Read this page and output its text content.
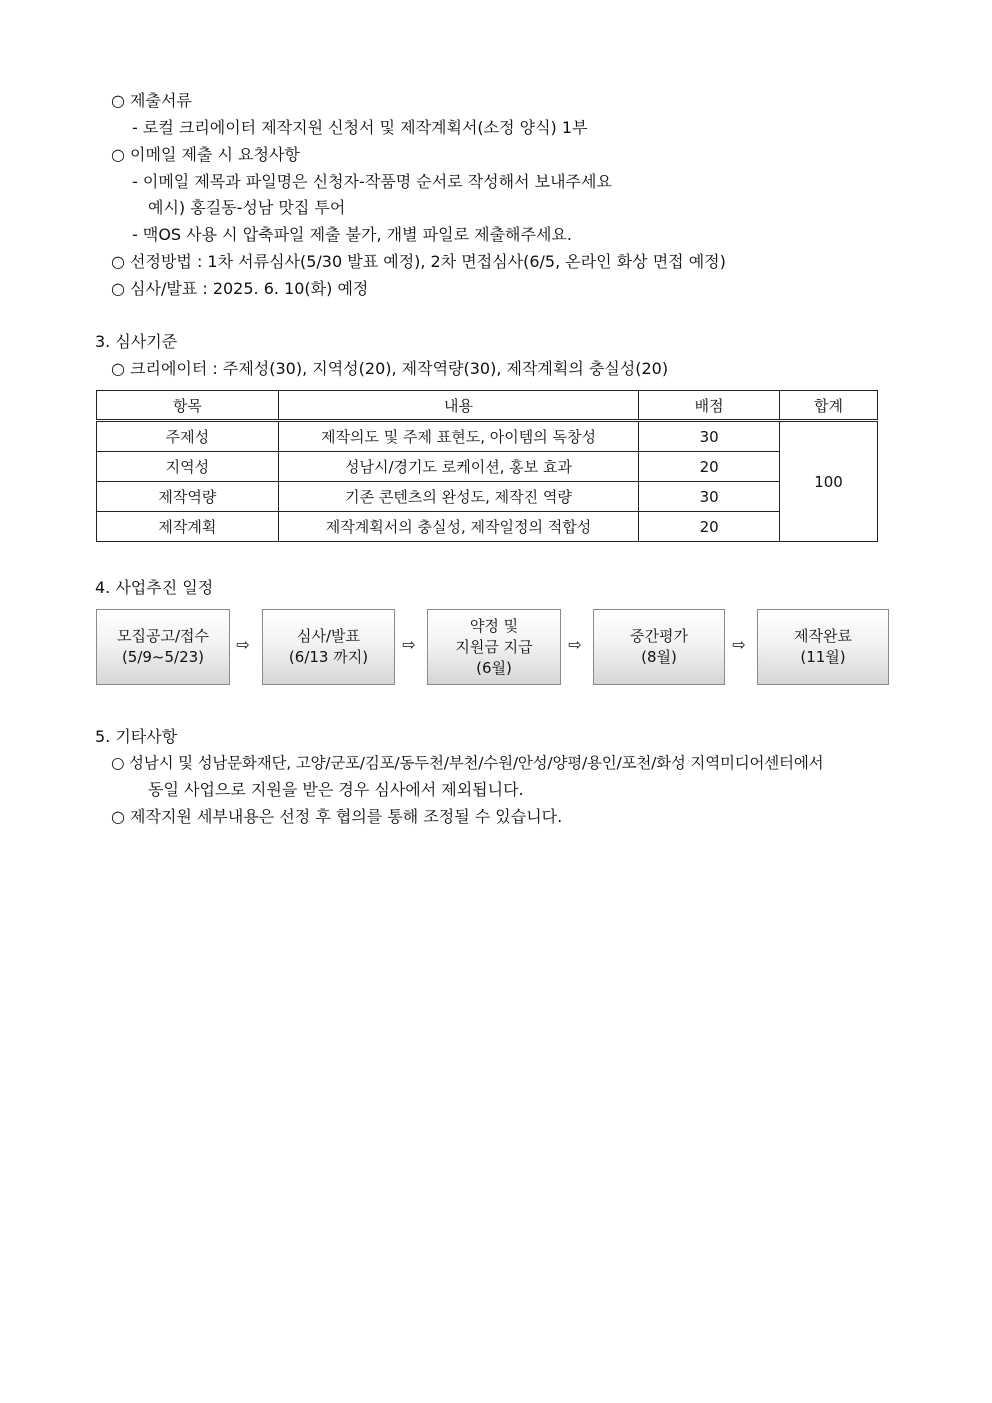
○ 제출서류
- 로컬 크리에이터 제작지원 신청서 및 제작계획서(소정 양식) 1부
○ 이메일 제출 시 요청사항
- 이메일 제목과 파일명은 신청자-작품명 순서로 작성해서 보내주세요
예시) 홍길동-성남 맛집 투어
- 맥OS 사용 시 압축파일 제출 불가, 개별 파일로 제출해주세요.
○ 선정방법 : 1차 서류심사(5/30 발표 예정), 2차 면접심사(6/5, 온라인 화상 면접 예정)
○ 심사/발표 : 2025. 6. 10(화) 예정
3. 심사기준
○ 크리에이터 : 주제성(30), 지역성(20), 제작역량(30), 제작계획의 충실성(20)
항목	내용	배점	합계
주제성	제작의도 및 주제 표현도, 아이템의 독창성	30	100
지역성	성남시/경기도 로케이션, 홍보 효과	20	
제작역량	기존 콘텐츠의 완성도, 제작진 역량	30	
제작계획	제작계획서의 충실성, 제작일정의 적합성	20	
4. 사업추진 일정
모집공고/접수
(5/9~5/23)
⇨	심사/발표
(6/13 까지)
⇨
약정 및
지원금 지급
(6월)
⇨	중간평가
(8월)
⇨	제작완료
(11월)
5. 기타사항
○ 성남시 및 성남문화재단, 고양/군포/김포/동두천/부천/수원/안성/양평/용인/포천/화성 지역미디어센터에서
동일 사업으로 지원을 받은 경우 심사에서 제외됩니다.
○ 제작지원 세부내용은 선정 후 협의를 통해 조정될 수 있습니다.
